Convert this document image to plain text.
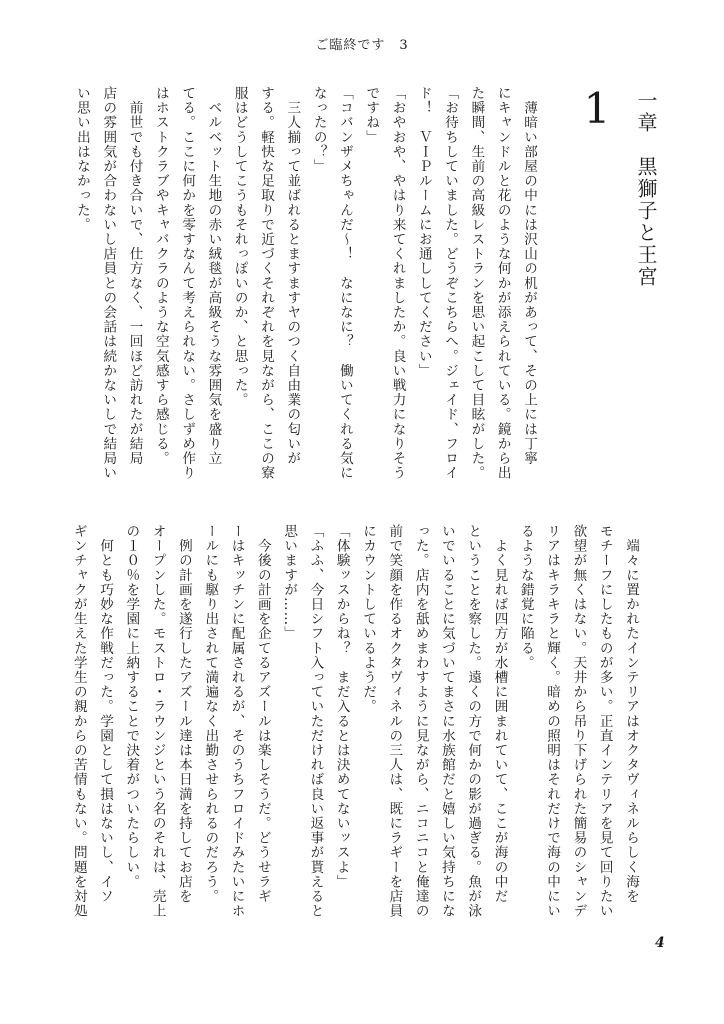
ご臨終です　3
1	一章　黒獅子と王宮

　薄暗い部屋の中には沢山の机があって、その上には丁寧

にキャンドルと花のような何かが添えられている。鏡から出

た瞬間、生前の高級レストランを思い起こして目眩がした。

「お待ちしていました。どうぞこちらへ。ジェイド、フロイ

ド！　ＶＩＰルームにお通ししてください」

「おやおや、やはり来てくれましたか。良い戦力になりそう

ですね」

「コバンザメちゃんだ〜！　なになに？　働いてくれる気に

なったの？」

　三人揃って並ばれるとますますヤのつく自由業の匂いが

する。軽快な足取りで近づくそれぞれを見ながら、ここの寮

服はどうしてこうもそれっぽいのか、と思った。

　ベルベット生地の赤い絨毯が高級そうな雰囲気を盛り立

てる。ここに何かを零すなんて考えられない。さしずめ作り

はホストクラブやキャバクラのような空気感すら感じる。

　前世でも付き合いで、仕方なく、一回ほど訪れたが結局

店の雰囲気が合わないし店員との会話は続かないしで結局い

い思い出はなかった。

　端々に置かれたインテリアはオクタヴィネルらしく海を

モチーフにしたものが多い。正直インテリアを見て回りたい

欲望が無くはない。天井から吊り下げられた簡易のシャンデ

リアはキラキラと輝く。暗めの照明はそれだけで海の中にい

るような錯覚に陥る。

　よく見れば四方が水槽に囲まれていて、ここが海の中だ

ということを察した。遠くの方で何かの影が過ぎる。魚が泳

いでいることに気づいてまさに水族館だと嬉しい気持ちにな

った。店内を舐めまわすように見ながら、ニコニコと俺達の

前で笑顔を作るオクタヴィネルの三人は、既にラギーを店員

にカウントしているようだ。

「体験ッスからね？　まだ入るとは決めてないッスよ」

「ふふ、今日シフト入っていただければ良い返事が貰えると

思いますが……」

　今後の計画を企てるアズールは楽しそうだ。どうせラギ

ーはキッチンに配属されるが、そのうちフロイドみたいにホ

ールにも駆り出されて満遍なく出勤させられるのだろう。

　例の計画を遂行したアズール達は本日満を持してお店を

オープンした。モストロ・ラウンジという名のそれは、売上

の１０％を学園に上納することで決着がついたらしい。

　何とも巧妙な作戦だった。学園として損はないし、イソ

ギンチャクが生えた学生の親からの苦情もない。問題を対処

4
